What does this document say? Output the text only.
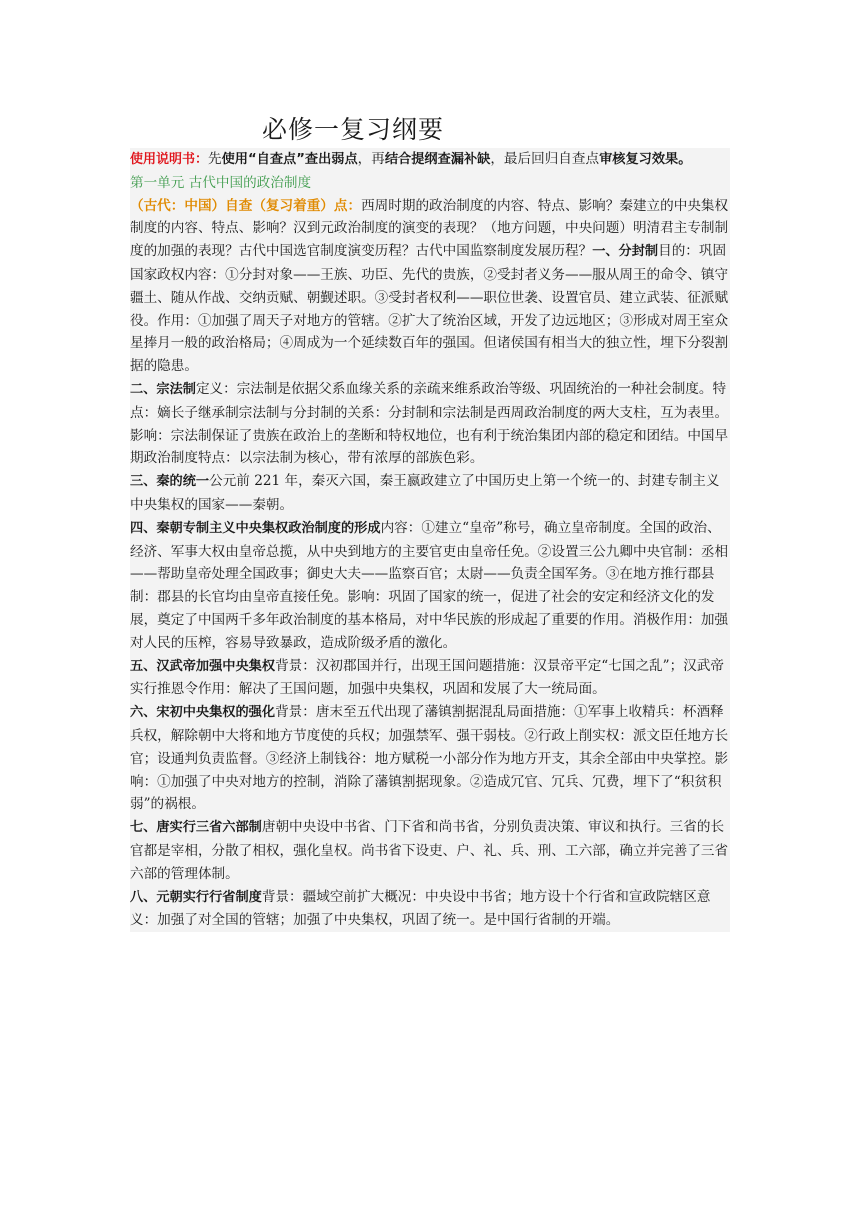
必修一复习纲要

使用说明书：先使用“自查点”查出弱点，再结合提纲查漏补缺，最后回归自查点审核复习效果。

第一单元 古代中国的政治制度

（古代：中国）自查（复习着重）点：西周时期的政治制度的内容、特点、影响？秦建立的中央集权制度的内容、特点、影响？汉到元政治制度的演变的表现？（地方问题，中央问题）明清君主专制制度的加强的表现？古代中国选官制度演变历程？古代中国监察制度发展历程？一、分封制目的：巩固国家政权内容：①分封对象——王族、功臣、先代的贵族，②受封者义务——服从周王的命令、镇守疆土、随从作战、交纳贡赋、朝觐述职。③受封者权利——职位世袭、设置官员、建立武装、征派赋役。作用：①加强了周天子对地方的管辖。②扩大了统治区域，开发了边远地区；③形成对周王室众星捧月一般的政治格局；④周成为一个延续数百年的强国。但诸侯国有相当大的独立性，埋下分裂割据的隐患。

二、宗法制定义：宗法制是依据父系血缘关系的亲疏来维系政治等级、巩固统治的一种社会制度。特点：嫡长子继承制宗法制与分封制的关系：分封制和宗法制是西周政治制度的两大支柱，互为表里。影响：宗法制保证了贵族在政治上的垄断和特权地位，也有利于统治集团内部的稳定和团结。中国早期政治制度特点：以宗法制为核心，带有浓厚的部族色彩。

三、秦的统一公元前 221 年，秦灭六国，秦王嬴政建立了中国历史上第一个统一的、封建专制主义中央集权的国家——秦朝。

四、秦朝专制主义中央集权政治制度的形成内容：①建立“皇帝”称号，确立皇帝制度。全国的政治、经济、军事大权由皇帝总揽，从中央到地方的主要官吏由皇帝任免。②设置三公九卿中央官制：丞相——帮助皇帝处理全国政事；御史大夫——监察百官；太尉——负责全国军务。③在地方推行郡县制：郡县的长官均由皇帝直接任免。影响：巩固了国家的统一，促进了社会的安定和经济文化的发展，奠定了中国两千多年政治制度的基本格局，对中华民族的形成起了重要的作用。消极作用：加强对人民的压榨，容易导致暴政，造成阶级矛盾的激化。

五、汉武帝加强中央集权背景：汉初郡国并行，出现王国问题措施：汉景帝平定“七国之乱”；汉武帝实行推恩令作用：解决了王国问题，加强中央集权，巩固和发展了大一统局面。

六、宋初中央集权的强化背景：唐末至五代出现了藩镇割据混乱局面措施：①军事上收精兵：杯酒释兵权，解除朝中大将和地方节度使的兵权；加强禁军、强干弱枝。②行政上削实权：派文臣任地方长官；设通判负责监督。③经济上制钱谷：地方赋税一小部分作为地方开支，其余全部由中央掌控。影响：①加强了中央对地方的控制，消除了藩镇割据现象。②造成冗官、冗兵、冗费，埋下了“积贫积弱”的祸根。

七、唐实行三省六部制唐朝中央设中书省、门下省和尚书省，分别负责决策、审议和执行。三省的长官都是宰相，分散了相权，强化皇权。尚书省下设吏、户、礼、兵、刑、工六部，确立并完善了三省六部的管理体制。

八、元朝实行行省制度背景：疆域空前扩大概况：中央设中书省；地方设十个行省和宣政院辖区意义：加强了对全国的管辖；加强了中央集权，巩固了统一。是中国行省制的开端。
